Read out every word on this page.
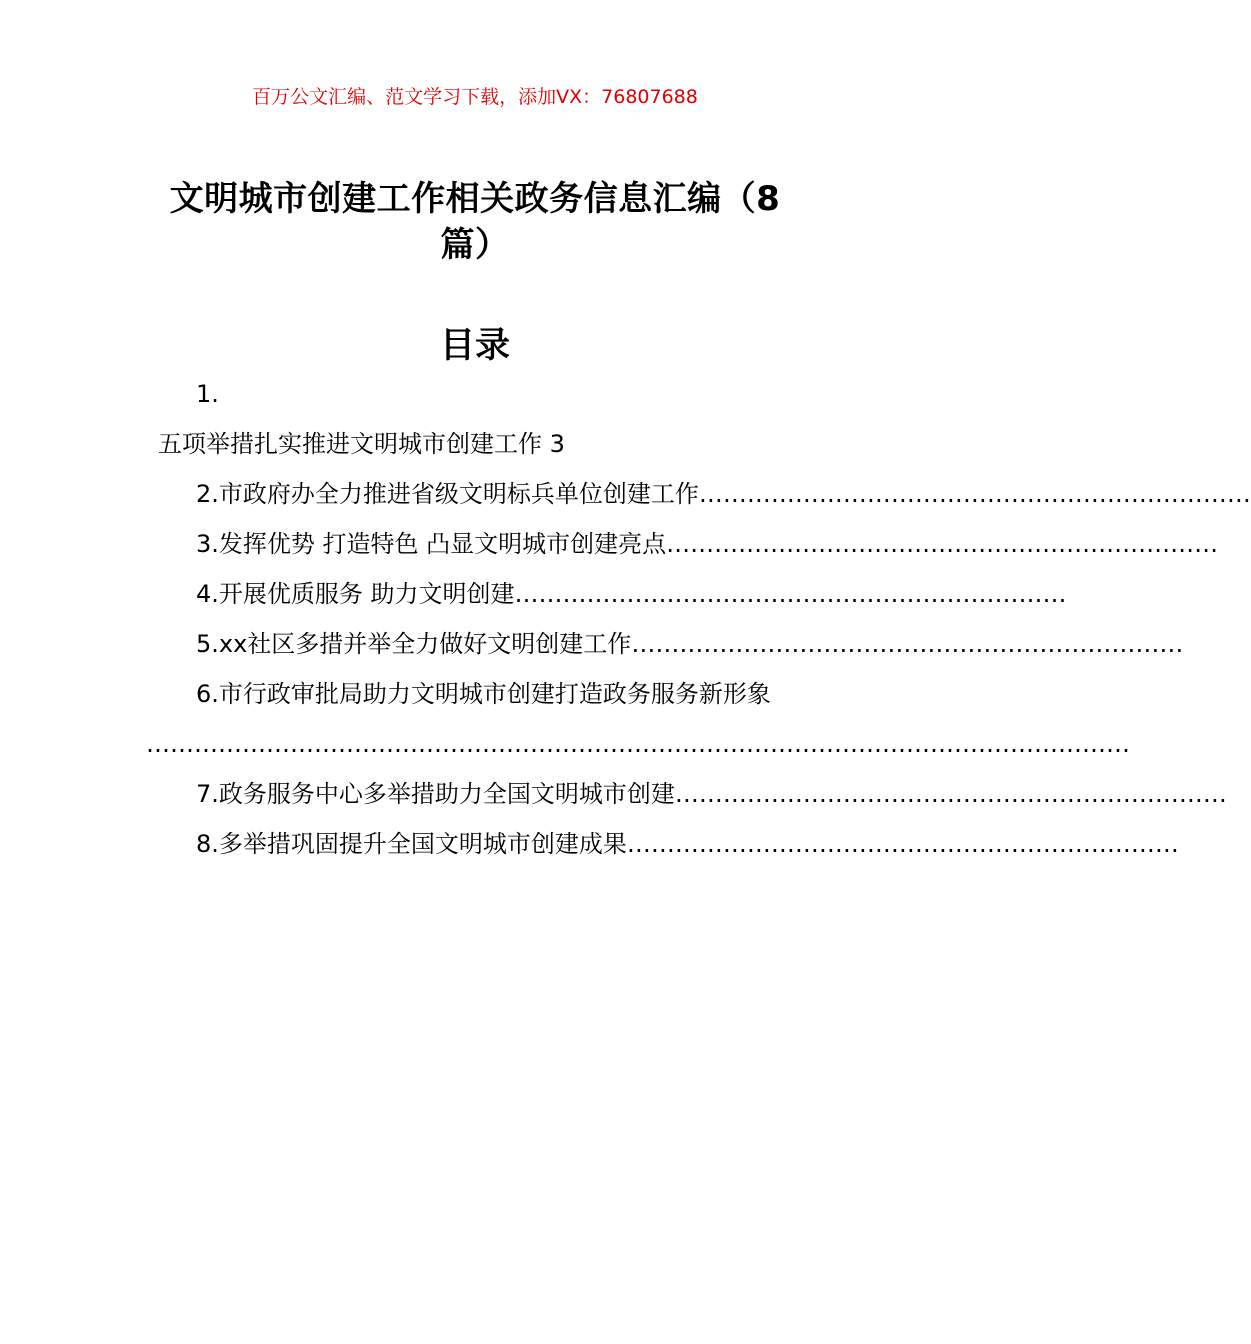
百万公文汇编、范文学习下载，添加VX：76807688
文明城市创建工作相关政务信息汇编（8篇）
目录
1.
五项举措扎实推进文明城市创建工作 3
2.市政府办全力推进省级文明标兵单位创建工作……………………………………………………………
3.发挥优势 打造特色 凸显文明城市创建亮点……………………………………………………………
4.开展优质服务 助力文明创建……………………………………………………………
5.xx社区多措并举全力做好文明创建工作……………………………………………………………
6.市行政审批局助力文明城市创建打造政务服务新形象
……………………………………………………………………………………………………………
7.政务服务中心多举措助力全国文明城市创建……………………………………………………………
8.多举措巩固提升全国文明城市创建成果……………………………………………………………
